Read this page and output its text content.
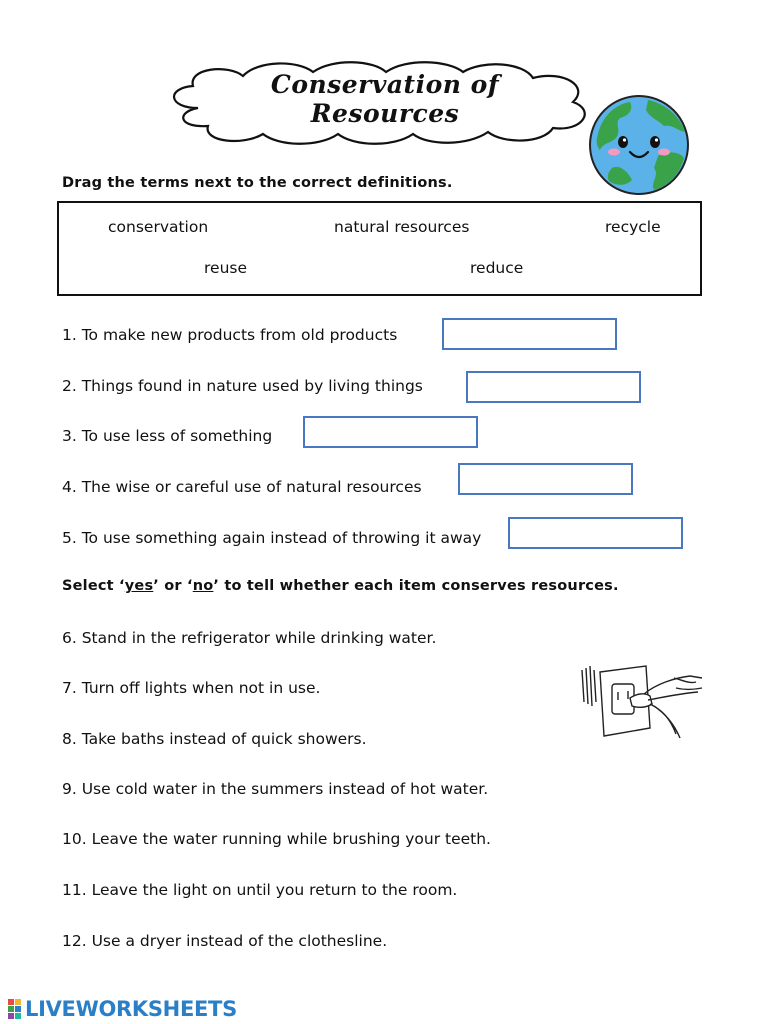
Conservation of Resources
Drag the terms next to the correct definitions.
conservation	natural resources	recycle
reuse	reduce
1. To make new products from old products
2. Things found in nature used by living things
3. To use less of something
4. The wise or careful use of natural resources
5. To use something again instead of throwing it away
Select ‘yes’ or ‘no’ to tell whether each item conserves resources.
6. Stand in the refrigerator while drinking water.
7. Turn off lights when not in use.
8. Take baths instead of quick showers.
9. Use cold water in the summers instead of hot water.
10. Leave the water running while brushing your teeth.
11. Leave the light on until you return to the room.
12. Use a dryer instead of the clothesline.
LIVEWORKSHEETS
